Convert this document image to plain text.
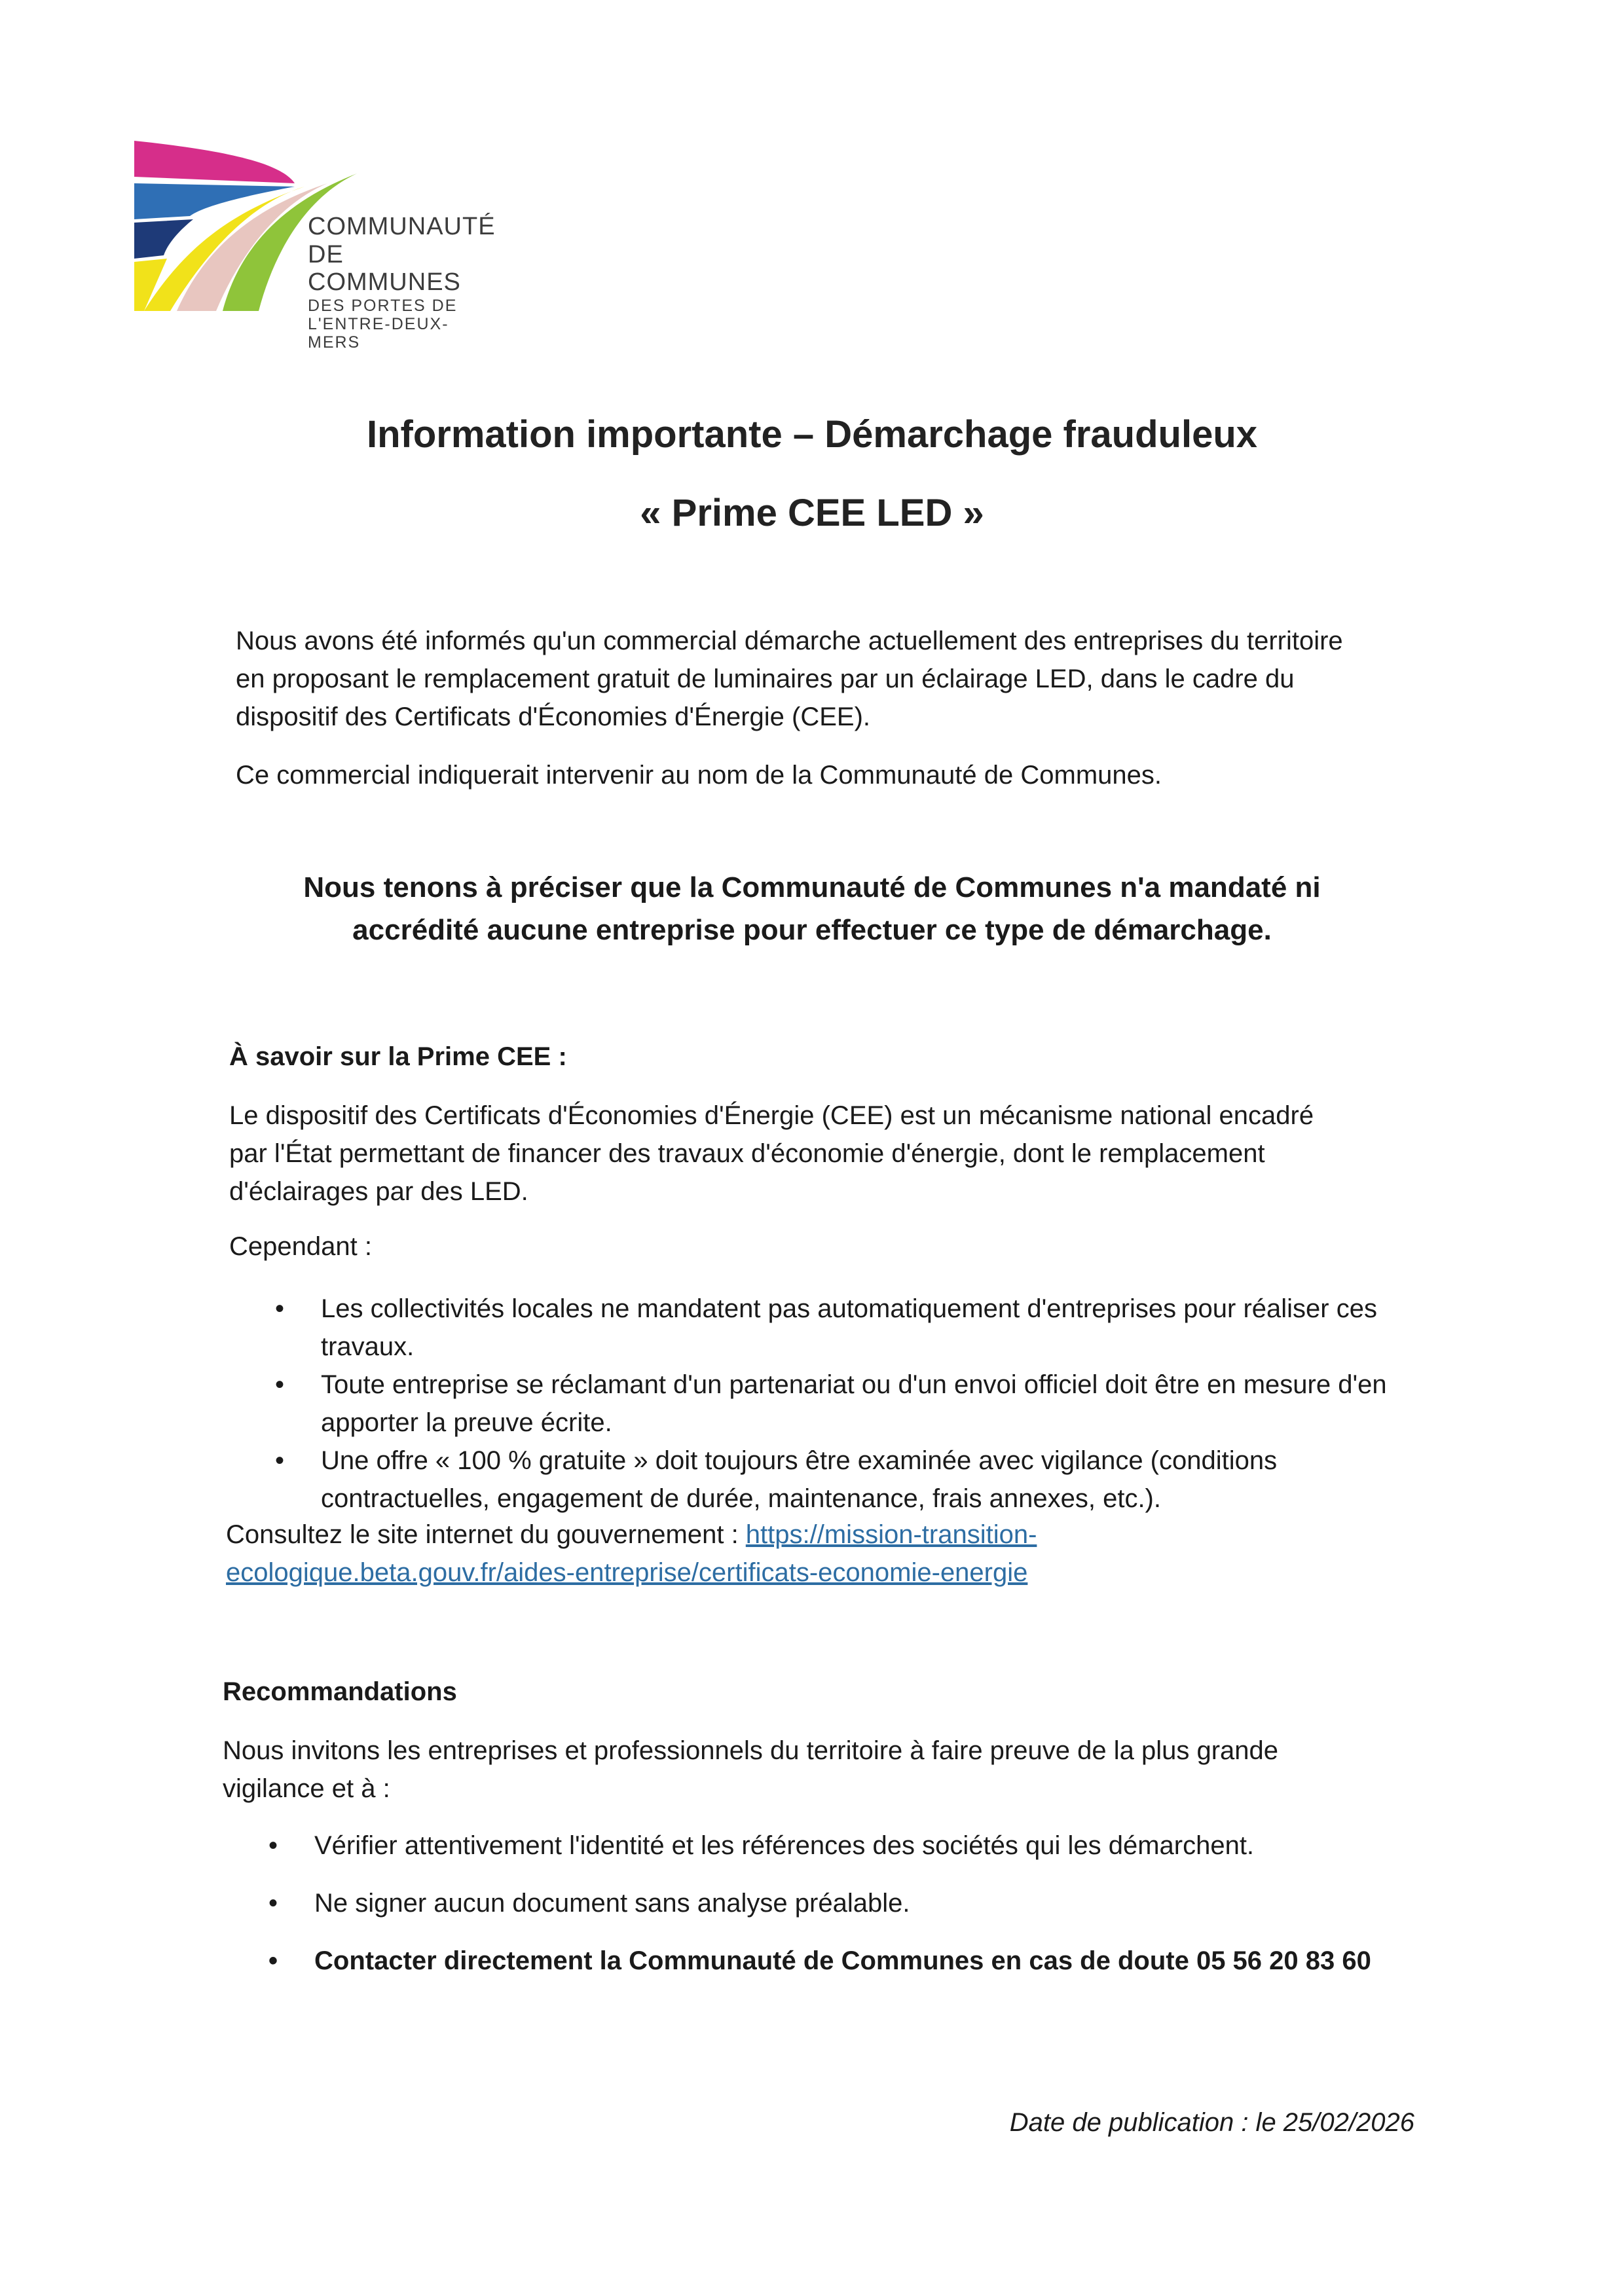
COMMUNAUTÉ
DE COMMUNES
DES PORTES DE
L'ENTRE-DEUX-MERS
Information importante – Démarchage frauduleux
« Prime CEE LED »

Nous avons été informés qu'un commercial démarche actuellement des entreprises du territoire en proposant le remplacement gratuit de luminaires par un éclairage LED, dans le cadre du dispositif des Certificats d'Économies d'Énergie (CEE).

Ce commercial indiquerait intervenir au nom de la Communauté de Communes.

Nous tenons à préciser que la Communauté de Communes n'a mandaté ni
accrédité aucune entreprise pour effectuer ce type de démarchage.

À savoir sur la Prime CEE :

Le dispositif des Certificats d'Économies d'Énergie (CEE) est un mécanisme national encadré par l'État permettant de financer des travaux d'économie d'énergie, dont le remplacement d'éclairages par des LED.

Cependant :

• Les collectivités locales ne mandatent pas automatiquement d'entreprises pour réaliser ces travaux.
• Toute entreprise se réclamant d'un partenariat ou d'un envoi officiel doit être en mesure d'en apporter la preuve écrite.
• Une offre « 100 % gratuite » doit toujours être examinée avec vigilance (conditions contractuelles, engagement de durée, maintenance, frais annexes, etc.).

Consultez le site internet du gouvernement : https://mission-transition-ecologique.beta.gouv.fr/aides-entreprise/certificats-economie-energie

Recommandations

Nous invitons les entreprises et professionnels du territoire à faire preuve de la plus grande vigilance et à :

• Vérifier attentivement l'identité et les références des sociétés qui les démarchent.
• Ne signer aucun document sans analyse préalable.
• Contacter directement la Communauté de Communes en cas de doute 05 56 20 83 60
Date de publication : le 25/02/2026
